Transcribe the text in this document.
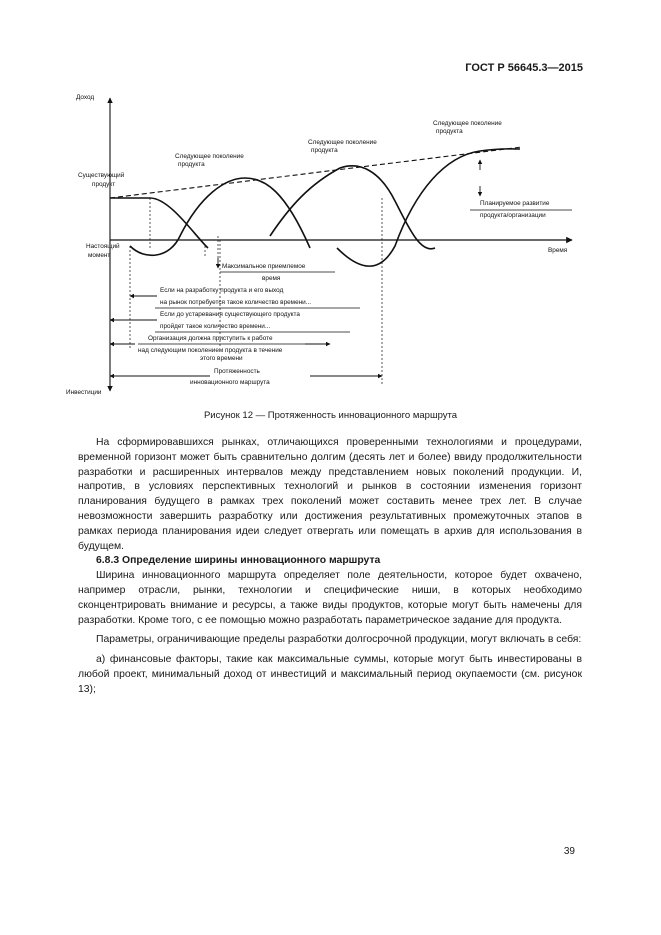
ГОСТ Р 56645.3—2015
Доход
Инвестиции
Время
Существующий
продукт
Настоящий
момент
Следующее поколение
продукта
Следующее поколение
продукта
Следующее поколение
продукта
Планируемое развитие
продукта/организации
Максимальное приемлемое
время
Если на разработку продукта и его выход
на рынок потребуется такое количество времени...
Если до устаревания существующего продукта
пройдет такое количество времени...
Организация должна приступить к работе
над следующим поколением продукта в течение
этого времени
Протяженность
инновационного маршрута
Рисунок 12 — Протяженность инновационного маршрута

На сформировавшихся рынках, отличающихся проверенными технологиями и процедурами, временной горизонт может быть сравнительно долгим (десять лет и более) ввиду продолжительности разработки и расширенных интервалов между представлением новых поколений продукции. И, напротив, в условиях перспективных технологий и рынков в состоянии изменения горизонт планирования будущего в рамках трех поколений может составить менее трех лет. В случае невозможности завершить разработку или достижения результативных промежуточных этапов в рамках периода планирования идеи следует отвергать или помещать в архив для использования в будущем.

6.8.3 Определение ширины инновационного маршрута

Ширина инновационного маршрута определяет поле деятельности, которое будет охвачено, например отрасли, рынки, технологии и специфические ниши, в которых необходимо сконцентрировать внимание и ресурсы, а также виды продуктов, которые могут быть намечены для разработки. Кроме того, с ее помощью можно разработать параметрическое задание для продукта.

Параметры, ограничивающие пределы разработки долгосрочной продукции, могут включать в себя:

а) финансовые факторы, такие как максимальные суммы, которые могут быть инвестированы в любой проект, минимальный доход от инвестиций и максимальный период окупаемости (см. рисунок 13);

39
